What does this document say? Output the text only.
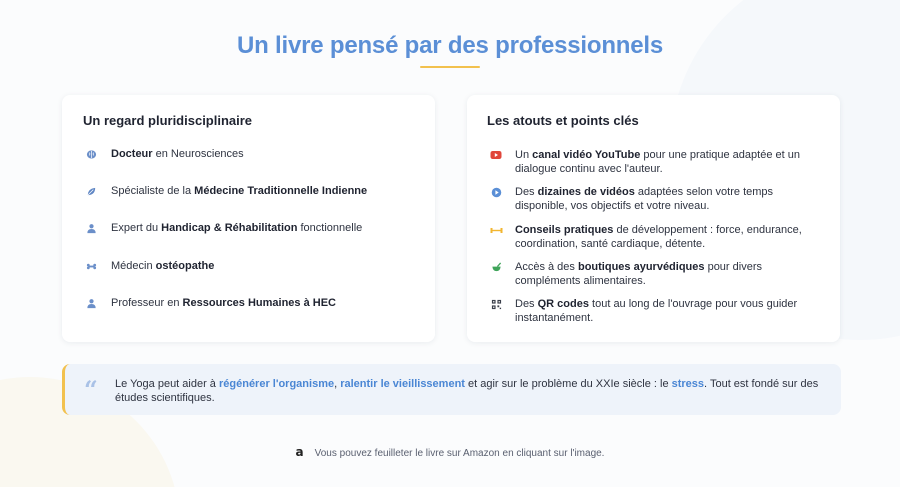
Un livre pensé par des professionnels
Un regard pluridisciplinaire
Docteur en Neurosciences
Spécialiste de la Médecine Traditionnelle Indienne
Expert du Handicap & Réhabilitation fonctionnelle
Médecin ostéopathe
Professeur en Ressources Humaines à HEC
Les atouts et points clés
Un canal vidéo YouTube pour une pratique adaptée et un dialogue continu avec l'auteur.
Des dizaines de vidéos adaptées selon votre temps disponible, vos objectifs et votre niveau.
Conseils pratiques de développement : force, endurance, coordination, santé cardiaque, détente.
Accès à des boutiques ayurvédiques pour divers compléments alimentaires.
Des QR codes tout au long de l'ouvrage pour vous guider instantanément.
“ Le Yoga peut aider à régénérer l'organisme, ralentir le vieillissement et agir sur le problème du XXIe siècle : le stress. Tout est fondé sur des études scientifiques.
a Vous pouvez feuilleter le livre sur Amazon en cliquant sur l'image.
